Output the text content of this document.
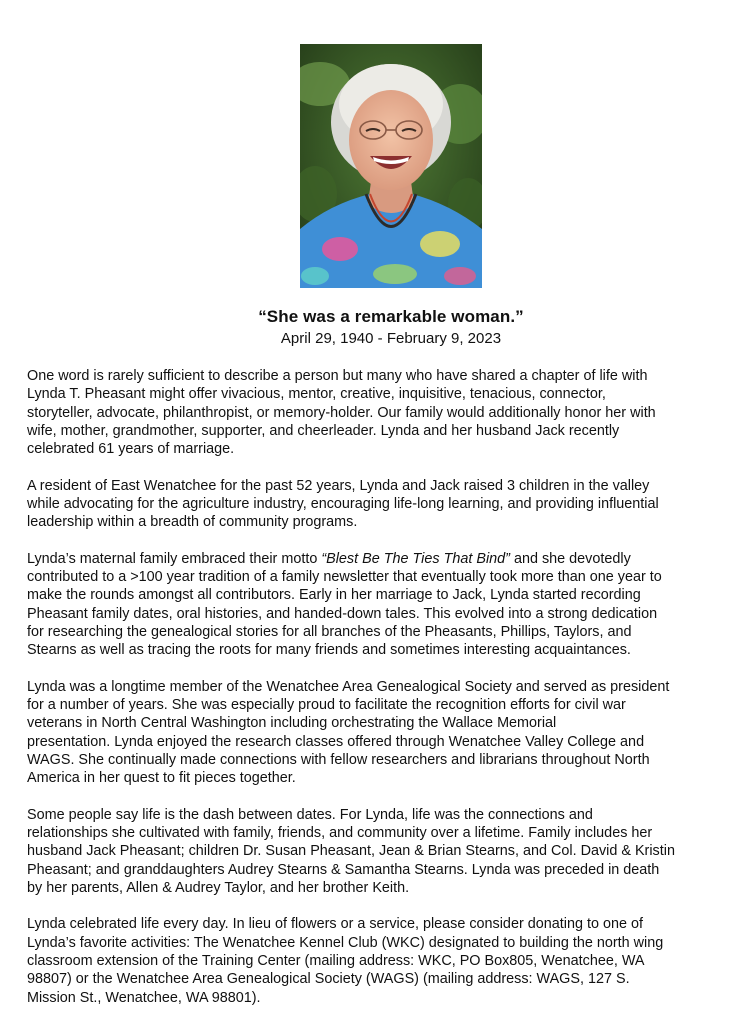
“She was a remarkable woman.”
April 29, 1940 - February 9, 2023

One word is rarely sufficient to describe a person but many who have shared a chapter of life with
Lynda T. Pheasant might offer vivacious, mentor, creative, inquisitive, tenacious, connector,
storyteller, advocate, philanthropist, or memory-holder. Our family would additionally honor her with
wife, mother, grandmother, supporter, and cheerleader. Lynda and her husband Jack recently
celebrated 61 years of marriage.

A resident of East Wenatchee for the past 52 years, Lynda and Jack raised 3 children in the valley
while advocating for the agriculture industry, encouraging life-long learning, and providing influential
leadership within a breadth of community programs.

Lynda’s maternal family embraced their motto “Blest Be The Ties That Bind” and she devotedly
contributed to a >100 year tradition of a family newsletter that eventually took more than one year to
make the rounds amongst all contributors. Early in her marriage to Jack, Lynda started recording
Pheasant family dates, oral histories, and handed-down tales. This evolved into a strong dedication
for researching the genealogical stories for all branches of the Pheasants, Phillips, Taylors, and
Stearns as well as tracing the roots for many friends and sometimes interesting acquaintances.

Lynda was a longtime member of the Wenatchee Area Genealogical Society and served as president
for a number of years. She was especially proud to facilitate the recognition efforts for civil war
veterans in North Central Washington including orchestrating the Wallace Memorial
presentation. Lynda enjoyed the research classes offered through Wenatchee Valley College and
WAGS. She continually made connections with fellow researchers and librarians throughout North
America in her quest to fit pieces together.

Some people say life is the dash between dates. For Lynda, life was the connections and
relationships she cultivated with family, friends, and community over a lifetime. Family includes her
husband Jack Pheasant; children Dr. Susan Pheasant, Jean & Brian Stearns, and Col. David & Kristin
Pheasant; and granddaughters Audrey Stearns & Samantha Stearns. Lynda was preceded in death
by her parents, Allen & Audrey Taylor, and her brother Keith.

Lynda celebrated life every day. In lieu of flowers or a service, please consider donating to one of
Lynda’s favorite activities: The Wenatchee Kennel Club (WKC) designated to building the north wing
classroom extension of the Training Center (mailing address: WKC, PO Box805, Wenatchee, WA
98807) or the Wenatchee Area Genealogical Society (WAGS) (mailing address: WAGS, 127 S.
Mission St., Wenatchee, WA 98801).
